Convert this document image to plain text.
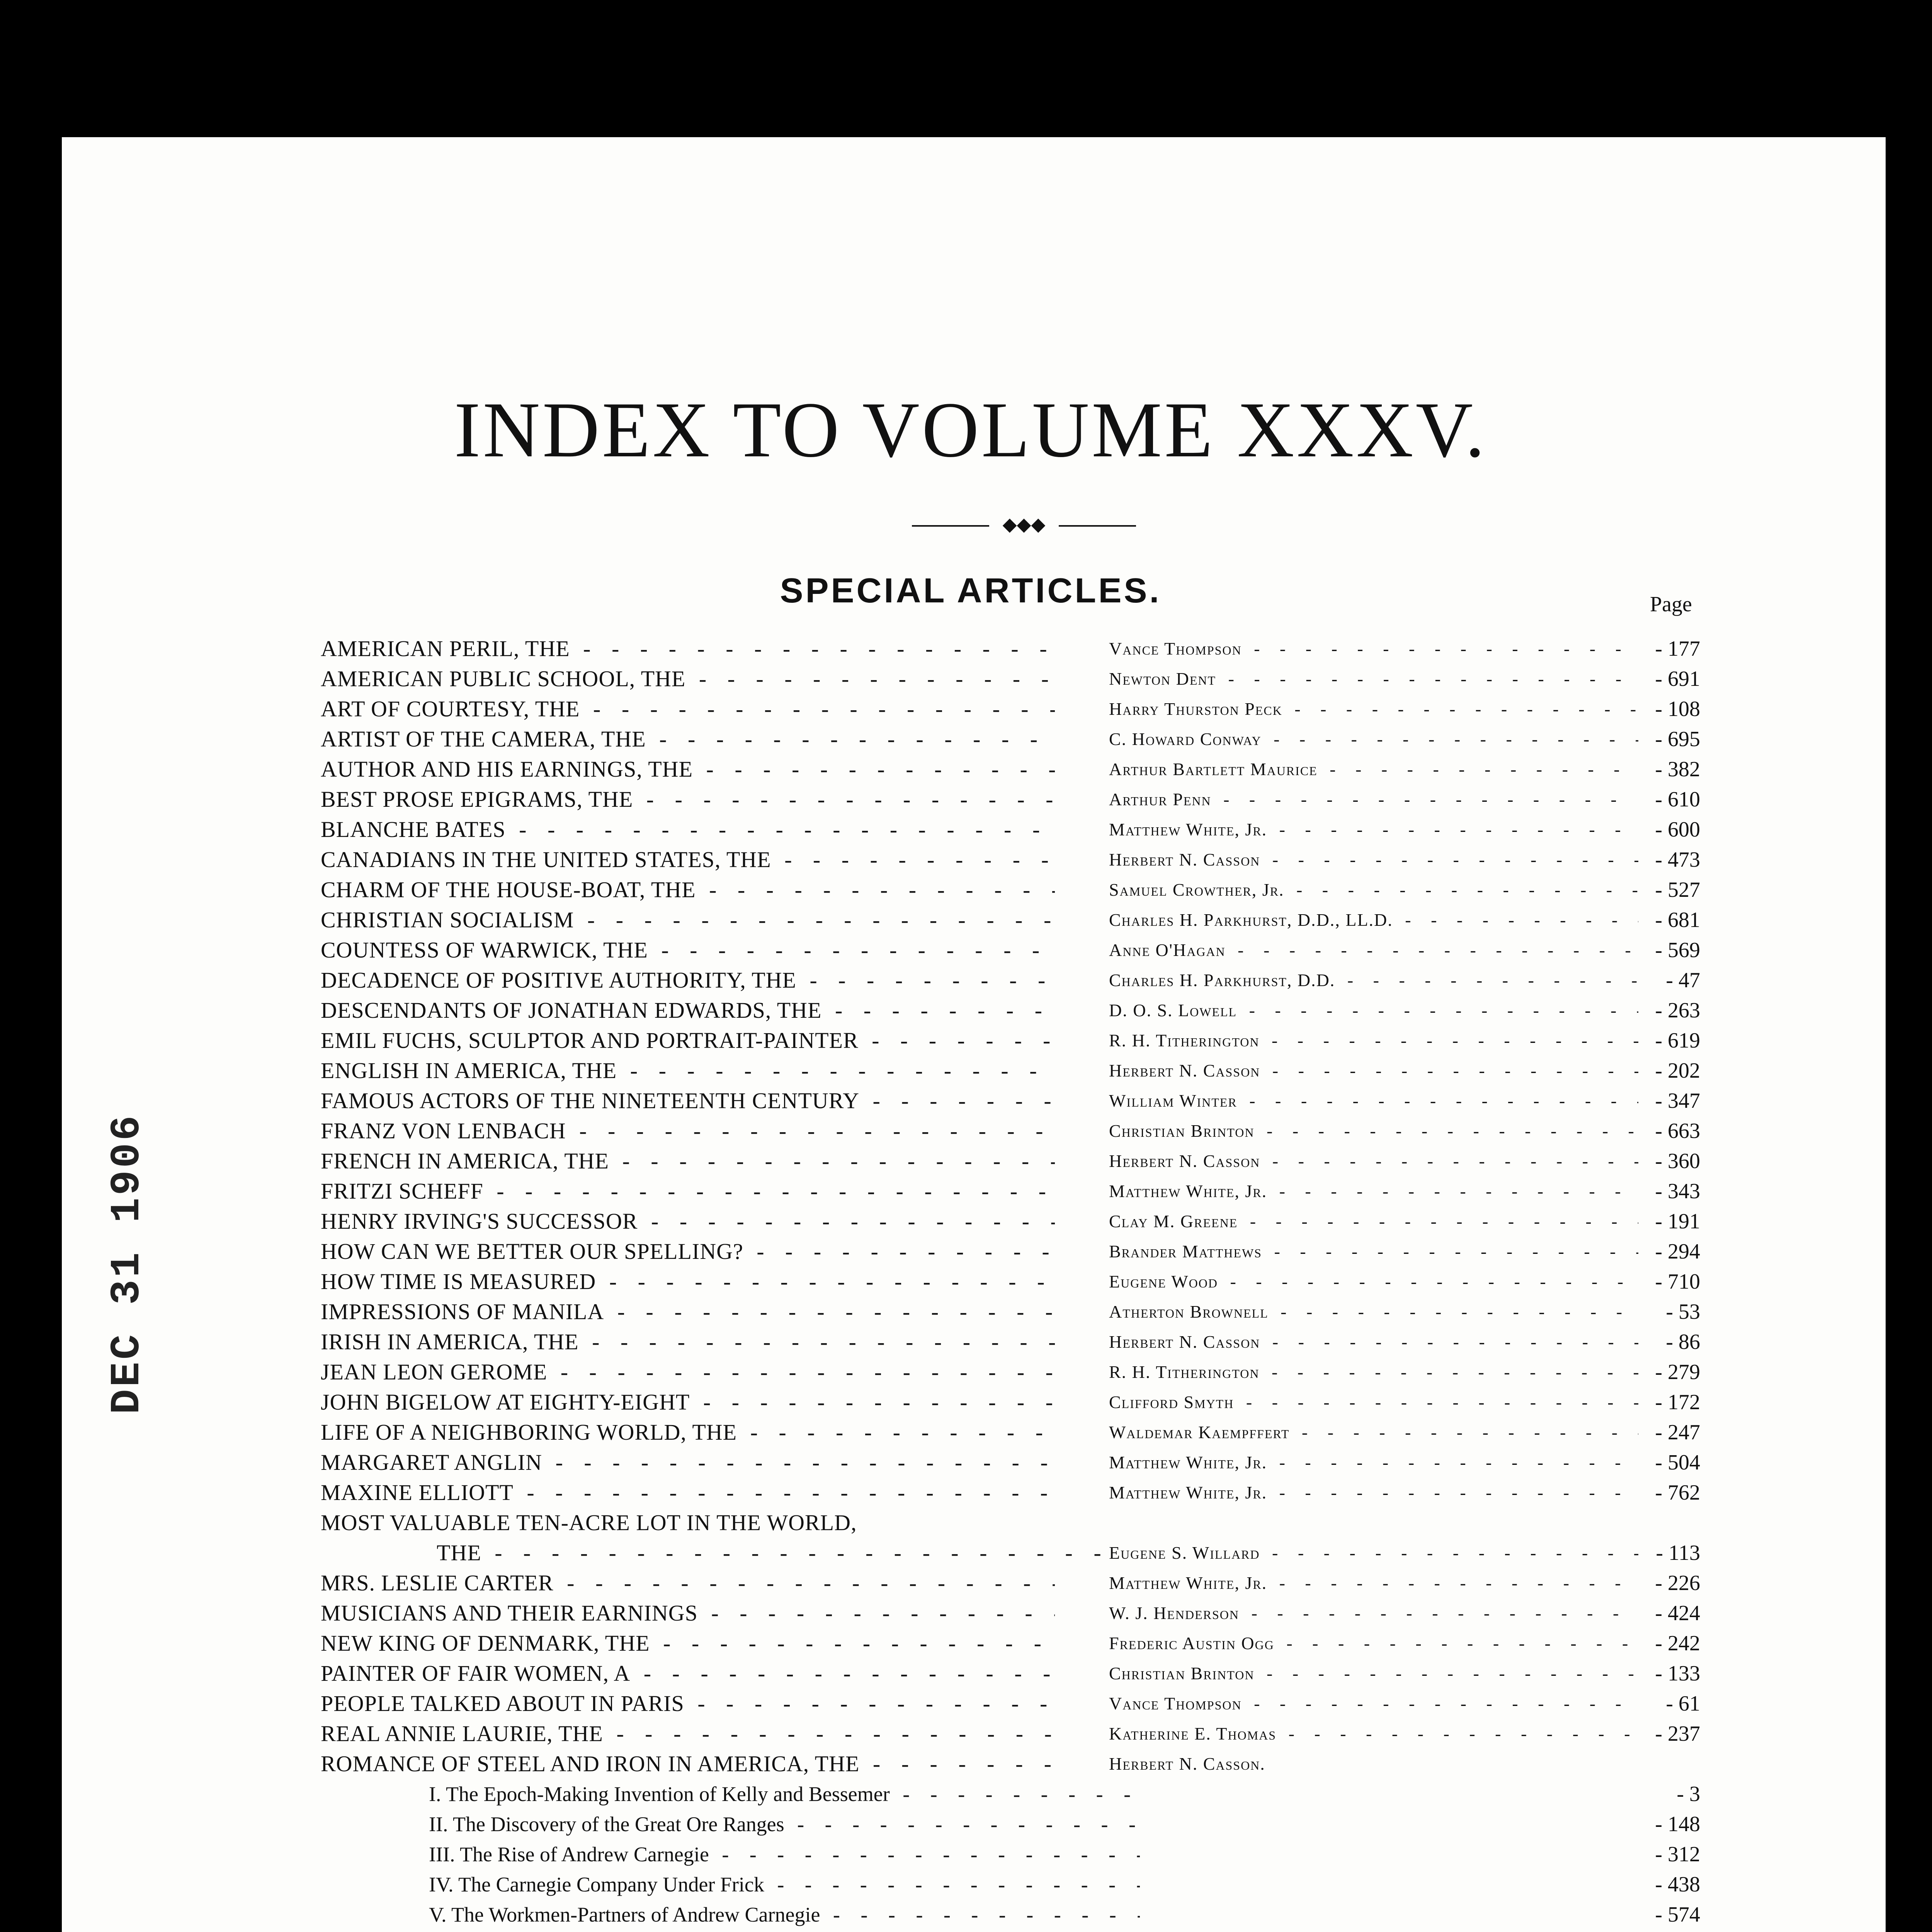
DEC 31 1906
INDEX TO VOLUME XXXV.
◆◆◆
SPECIAL ARTICLES.	Page
AMERICAN PERIL, THE - -	Vance Thompson - -	- 177
AMERICAN PUBLIC SCHOOL, THE - -	Newton Dent - -	- 691
ART OF COURTESY, THE - -	Harry Thurston Peck - -	- 108
ARTIST OF THE CAMERA, THE - -	C. Howard Conway - -	- 695
AUTHOR AND HIS EARNINGS, THE - -	Arthur Bartlett Maurice - -	- 382
BEST PROSE EPIGRAMS, THE - -	Arthur Penn - -	- 610
BLANCHE BATES - -	Matthew White, Jr. - -	- 600
CANADIANS IN THE UNITED STATES, THE - -	Herbert N. Casson - -	- 473
CHARM OF THE HOUSE-BOAT, THE - -	Samuel Crowther, Jr. - -	- 527
CHRISTIAN SOCIALISM - -	Charles H. Parkhurst, D.D., LL.D. - -	- 681
COUNTESS OF WARWICK, THE - -	Anne O'Hagan - -	- 569
DECADENCE OF POSITIVE AUTHORITY, THE - -	Charles H. Parkhurst, D.D. - -	- 47
DESCENDANTS OF JONATHAN EDWARDS, THE - -	D. O. S. Lowell - -	- 263
EMIL FUCHS, SCULPTOR AND PORTRAIT-PAINTER - -	R. H. Titherington - -	- 619
ENGLISH IN AMERICA, THE - -	Herbert N. Casson - -	- 202
FAMOUS ACTORS OF THE NINETEENTH CENTURY - -	William Winter - -	- 347
FRANZ VON LENBACH - -	Christian Brinton - -	- 663
FRENCH IN AMERICA, THE - -	Herbert N. Casson - -	- 360
FRITZI SCHEFF - -	Matthew White, Jr. - -	- 343
HENRY IRVING'S SUCCESSOR - -	Clay M. Greene - -	- 191
HOW CAN WE BETTER OUR SPELLING? - -	Brander Matthews - -	- 294
HOW TIME IS MEASURED - -	Eugene Wood - -	- 710
IMPRESSIONS OF MANILA - -	Atherton Brownell - -	- 53
IRISH IN AMERICA, THE - -	Herbert N. Casson - -	- 86
JEAN LEON GEROME - -	R. H. Titherington - -	- 279
JOHN BIGELOW AT EIGHTY-EIGHT - -	Clifford Smyth - -	- 172
LIFE OF A NEIGHBORING WORLD, THE - -	Waldemar Kaempffert - -	- 247
MARGARET ANGLIN - -	Matthew White, Jr. - -	- 504
MAXINE ELLIOTT - -	Matthew White, Jr. - -	- 762
MOST VALUABLE TEN-ACRE LOT IN THE WORLD,
THE - -	Eugene S. Willard - -	- 113
MRS. LESLIE CARTER - -	Matthew White, Jr. - -	- 226
MUSICIANS AND THEIR EARNINGS - -	W. J. Henderson - -	- 424
NEW KING OF DENMARK, THE - -	Frederic Austin Ogg - -	- 242
PAINTER OF FAIR WOMEN, A - -	Christian Brinton - -	- 133
PEOPLE TALKED ABOUT IN PARIS - -	Vance Thompson - -	- 61
REAL ANNIE LAURIE, THE - -	Katherine E. Thomas - -	- 237
ROMANCE OF STEEL AND IRON IN AMERICA, THE - -	Herbert N. Casson.
I. The Epoch-Making Invention of Kelly and Bessemer - -	- 3
II. The Discovery of the Great Ore Ranges - -	- 148
III. The Rise of Andrew Carnegie - -	- 312
IV. The Carnegie Company Under Frick - -	- 438
V. The Workmen-Partners of Andrew Carnegie - -	- 574
- -
-
